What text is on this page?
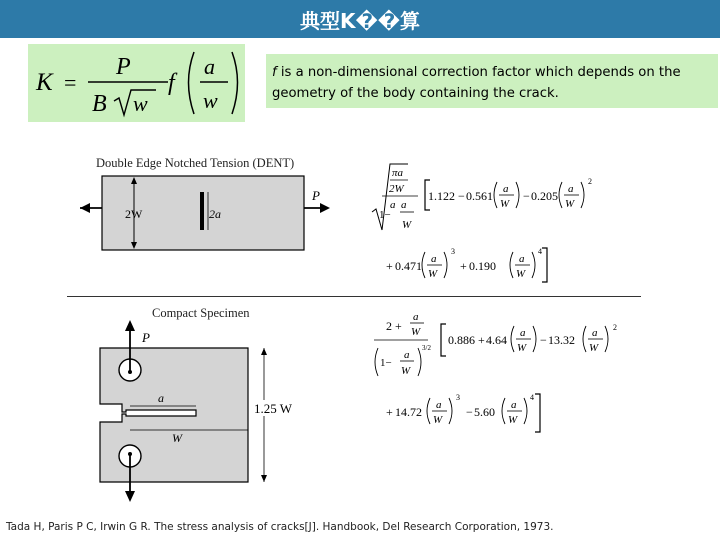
典型K��算
K =
P
B w
f
a
w
f is a non-dimensional correction factor which depends on the geometry of the body containing the crack.
Double Edge Notched Tension (DENT)
2W	2a
P
πa
2W
a
1−
W
a
1.122 − 0.561 a
W
− 0.205 a
W
2
+ 0.471 a
W
3
+ 0.190 a
W
4
Compact Specimen
P
a
W
1.25 W
2 +
a
W
1−
a
W
3/2
0.886 + 4.64 a
W
− 13.32 a
W
2
+ 14.72 a
W
3
− 5.60 a
W
4
Tada H, Paris P C, Irwin G R. The stress analysis of cracks[J]. Handbook, Del Research Corporation, 1973.
